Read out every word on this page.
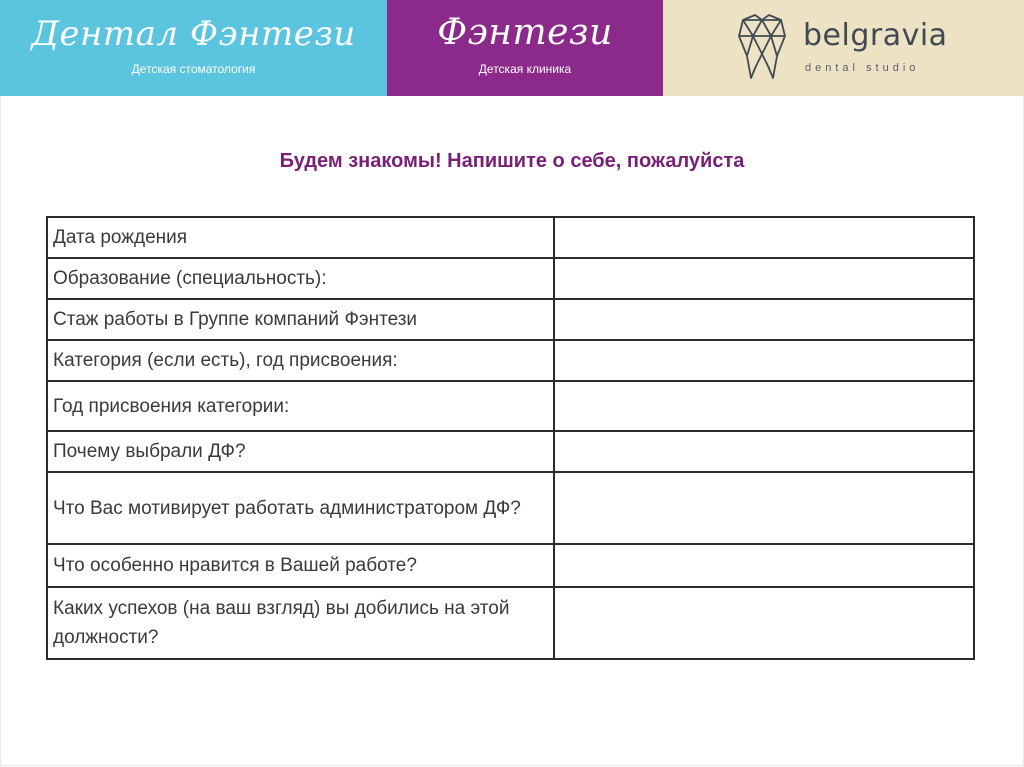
Дентал Фэнтези
Детская стоматология
Фэнтези
Детская клиника
belgravia
dental studio
Будем знакомы! Напишите о себе, пожалуйста
Дата рождения	
Образование (специальность):	
Стаж работы в Группе компаний Фэнтези	
Категория (если есть), год присвоения:	
Год присвоения категории:	
Почему выбрали ДФ?	
Что Вас мотивирует работать администратором ДФ?	
Что особенно нравится в Вашей работе?	
Каких успехов (на ваш взгляд) вы добились на этой должности?	
